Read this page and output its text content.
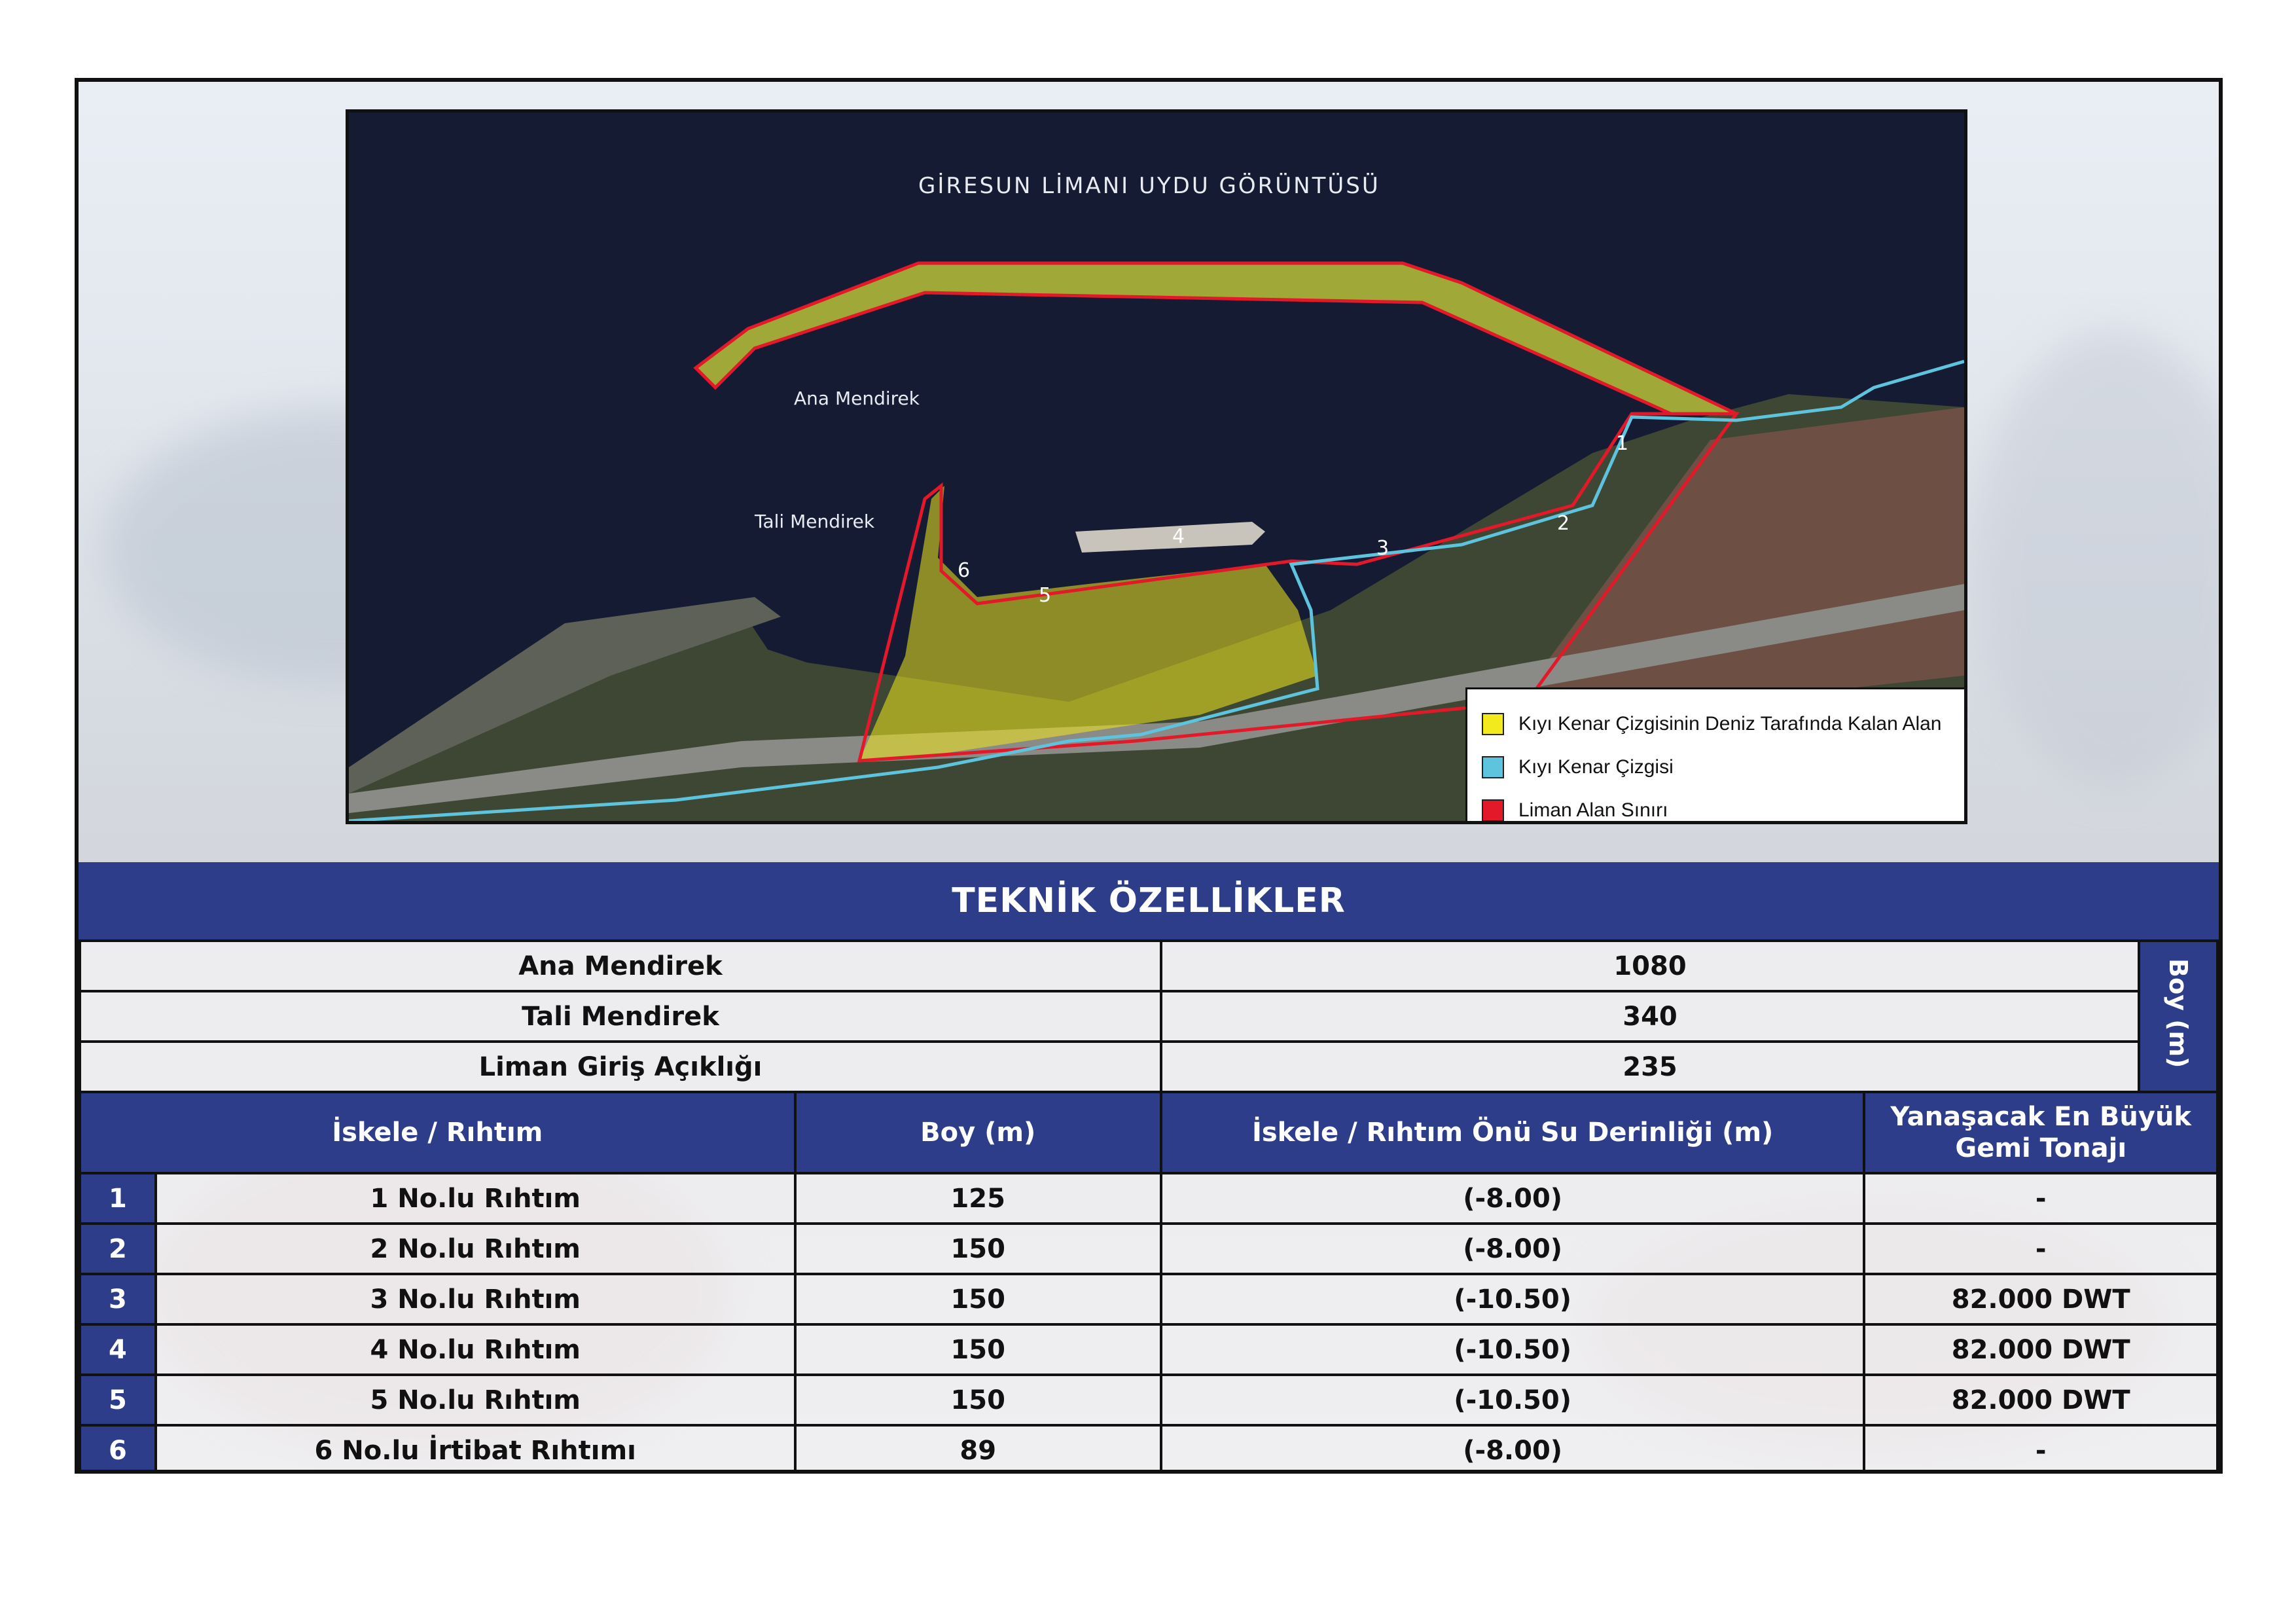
GİRESUN LİMANI UYDU GÖRÜNTÜSÜ
Ana Mendirek
Tali Mendirek
1
2
3
4
5
6
Kıyı Kenar Çizgisinin Deniz Tarafında Kalan Alan
Kıyı Kenar Çizgisi
Liman Alan Sınırı
TEKNİK ÖZELLİKLER
Ana Mendirek	1080	Boy (m)
Tali Mendirek	340	
Liman Giriş Açıklığı	235	
İskele / Rıhtım		Boy (m)	İskele / Rıhtım Önü Su Derinliği (m)	Yanaşacak En Büyük Gemi Tonajı
1	1 No.lu Rıhtım	125	(-8.00)	-
2	2 No.lu Rıhtım	150	(-8.00)	-
3	3 No.lu Rıhtım	150	(-10.50)	82.000 DWT
4	4 No.lu Rıhtım	150	(-10.50)	82.000 DWT
5	5 No.lu Rıhtım	150	(-10.50)	82.000 DWT
6	6 No.lu İrtibat Rıhtımı	89	(-8.00)	-
